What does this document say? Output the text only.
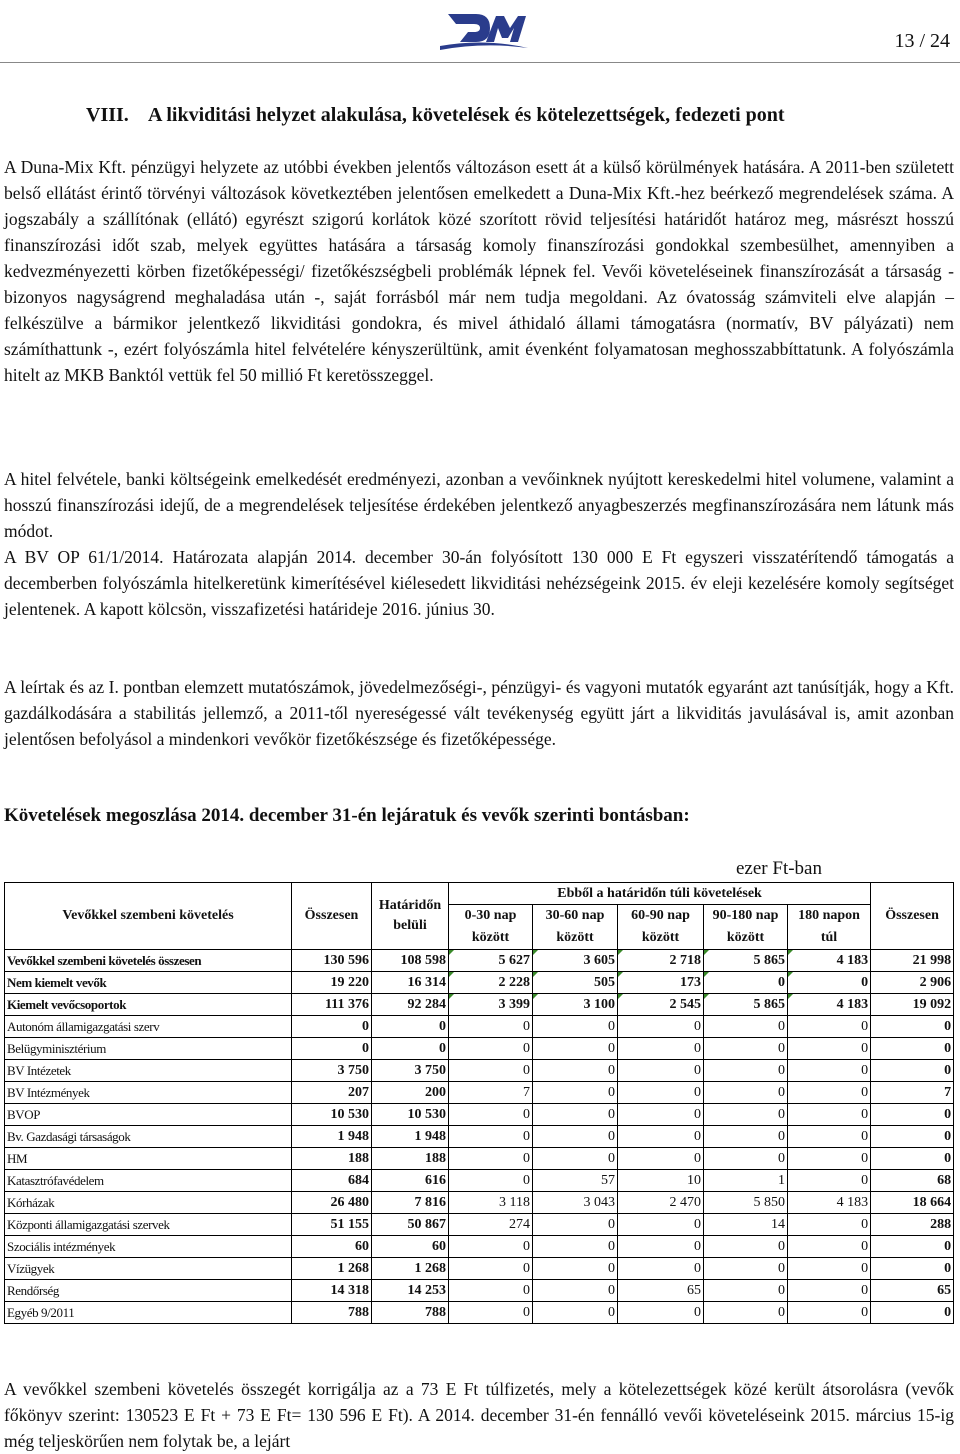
13 / 24
VIII. A likviditási helyzet alakulása, követelések és kötelezettségek, fedezeti pont
A Duna-Mix Kft. pénzügyi helyzete az utóbbi években jelentős változáson esett át a külső körülmények hatására. A 2011-ben született belső ellátást érintő törvényi változások következtében jelentősen emelkedett a Duna-Mix Kft.-hez beérkező megrendelések száma. A jogszabály a szállítónak (ellátó) egyrészt szigorú korlátok közé szorított rövid teljesítési határidőt határoz meg, másrészt hosszú finanszírozási időt szab, melyek együttes hatására a társaság komoly finanszírozási gondokkal szembesülhet, amennyiben a kedvezményezetti körben fizetőképességi/ fizetőkészségbeli problémák lépnek fel. Vevői követeléseinek finanszírozását a társaság - bizonyos nagyságrend meghaladása után -, saját forrásból már nem tudja megoldani. Az óvatosság számviteli elve alapján – felkészülve a bármikor jelentkező likviditási gondokra, és mivel áthidaló állami támogatásra (normatív, BV pályázati) nem számíthattunk -, ezért folyószámla hitel felvételére kényszerültünk, amit évenként folyamatosan meghosszabbíttatunk. A folyószámla hitelt az MKB Banktól vettük fel 50 millió Ft keretösszeggel.
A hitel felvétele, banki költségeink emelkedését eredményezi, azonban a vevőinknek nyújtott kereskedelmi hitel volumene, valamint a hosszú finanszírozási idejű, de a megrendelések teljesítése érdekében jelentkező anyagbeszerzés megfinanszírozására nem látunk más módot.
A BV OP 61/1/2014. Határozata alapján 2014. december 30-án folyósított 130 000 E Ft egyszeri visszatérítendő támogatás a decemberben folyószámla hitelkeretünk kimerítésével kiélesedett likviditási nehézségeink 2015. év eleji kezelésére komoly segítséget jelentenek. A kapott kölcsön, visszafizetési határideje 2016. június 30.
A leírtak és az I. pontban elemzett mutatószámok, jövedelmezőségi-, pénzügyi- és vagyoni mutatók egyaránt azt tanúsítják, hogy a Kft. gazdálkodására a stabilitás jellemző, a 2011-től nyereségessé vált tevékenység együtt járt a likviditás javulásával is, amit azonban jelentősen befolyásol a mindenkori vevőkör fizetőkészsége és fizetőképessége.
Követelések megoszlása 2014. december 31-én lejáratuk és vevők szerinti bontásban:
ezer Ft-ban
Vevőkkel szembeni követelés	Összesen	Határidőn belüli	Ebből a határidőn túli követelések					Összesen
			0-30 nap között	30-60 nap között	60-90 nap között	90-180 nap között	180 napon túl	
Vevőkkel szembeni követelés összesen	130 596	108 598	5 627	3 605	2 718	5 865	4 183	21 998
Nem kiemelt vevők	19 220	16 314	2 228	505	173	0	0	2 906
Kiemelt vevőcsoportok	111 376	92 284	3 399	3 100	2 545	5 865	4 183	19 092
Autonóm államigazgatási szerv	0	0	0	0	0	0	0	0
Belügyminisztérium	0	0	0	0	0	0	0	0
BV Intézetek	3 750	3 750	0	0	0	0	0	0
BV Intézmények	207	200	7	0	0	0	0	7
BVOP	10 530	10 530	0	0	0	0	0	0
Bv. Gazdasági társaságok	1 948	1 948	0	0	0	0	0	0
HM	188	188	0	0	0	0	0	0
Katasztrófavédelem	684	616	0	57	10	1	0	68
Kórházak	26 480	7 816	3 118	3 043	2 470	5 850	4 183	18 664
Központi államigazgatási szervek	51 155	50 867	274	0	0	14	0	288
Szociális intézmények	60	60	0	0	0	0	0	0
Vízügyek	1 268	1 268	0	0	0	0	0	0
Rendőrség	14 318	14 253	0	0	65	0	0	65
Egyéb 9/2011	788	788	0	0	0	0	0	0
A vevőkkel szembeni követelés összegét korrigálja az a 73 E Ft túlfizetés, mely a kötelezettségek közé került átsorolásra (vevők főkönyv szerint: 130523 E Ft + 73 E Ft= 130 596 E Ft). A 2014. december 31-én fennálló vevői követeléseink 2015. március 15-ig még teljeskörűen nem folytak be, a lejárt
